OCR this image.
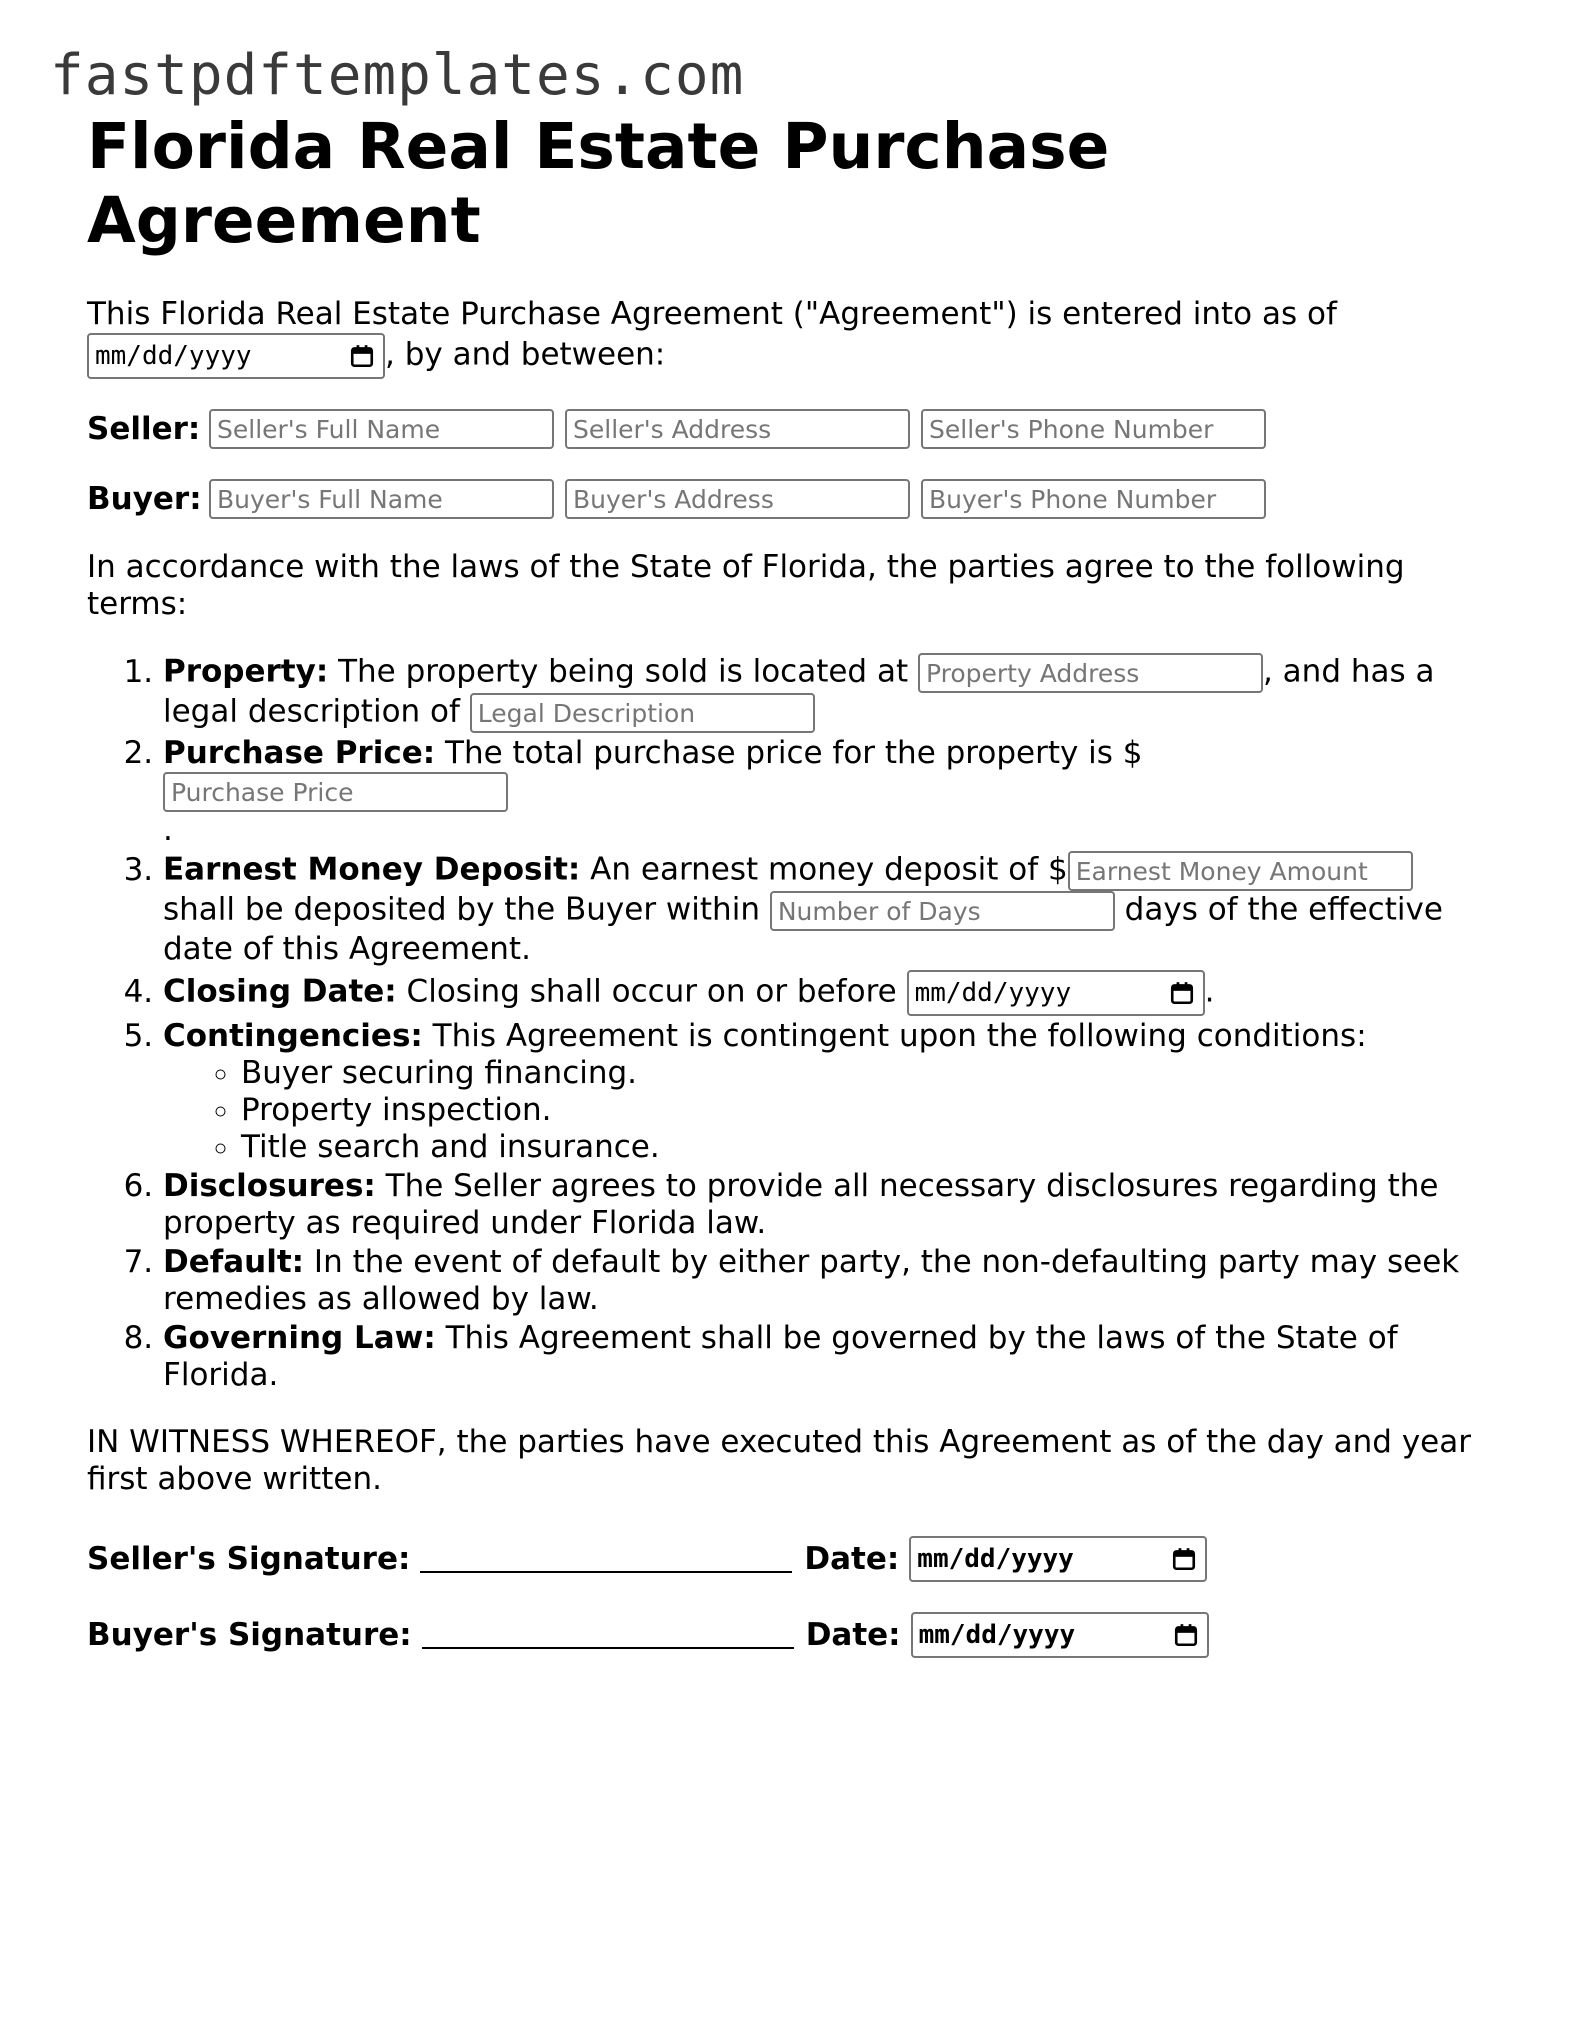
fastpdftemplates.com
Florida Real Estate Purchase Agreement

This Florida Real Estate Purchase Agreement ("Agreement") is entered into as of

mm/dd/yyyy	, by and between:

Seller:
Seller's Full Name
Seller's Address
Seller's Phone Number
Buyer:
Buyer's Full Name
Buyer's Address
Buyer's Phone Number

In accordance with the laws of the State of Florida, the parties agree to the following terms:

1. Property: The property being sold is located at Property Address	, and has a legal description of Legal Description
2. Purchase Price: The total purchase price for the property is $Purchase Price
.
3. Earnest Money Deposit: An earnest money deposit of $Earnest Money Amount shall be deposited by the Buyer within Number of Days	days of the effective date of this Agreement.
4. Closing Date: Closing shall occur on or before mm/dd/yyyy	.
5. Contingencies: This Agreement is contingent upon the following conditions:
◦ Buyer securing financing.
◦ Property inspection.
◦ Title search and insurance.
6. Disclosures: The Seller agrees to provide all necessary disclosures regarding the property as required under Florida law.
7. Default: In the event of default by either party, the non-defaulting party may seek remedies as allowed by law.
8. Governing Law: This Agreement shall be governed by the laws of the State of Florida.

IN WITNESS WHEREOF, the parties have executed this Agreement as of the day and year first above written.

Seller's Signature:	Date: mm/dd/yyyy
Buyer's Signature:	Date: mm/dd/yyyy
